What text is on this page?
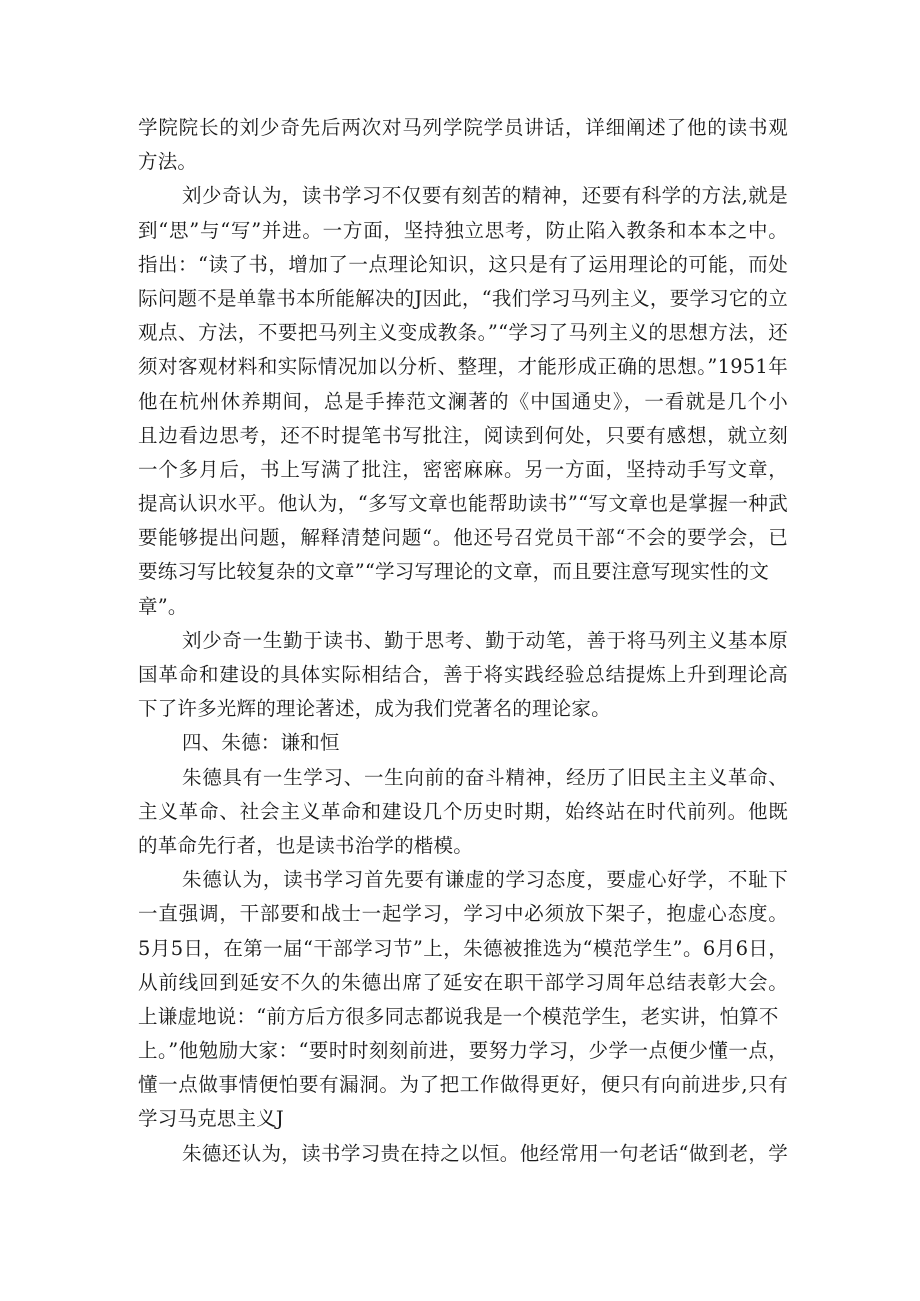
学院院长的刘少奇先后两次对马列学院学员讲话，详细阐述了他的读书观
方法。
刘少奇认为，读书学习不仅要有刻苦的精神，还要有科学的方法,就是
到“思”与“写”并进。一方面，坚持独立思考，防止陷入教条和本本之中。
指出：“读了书，增加了一点理论知识，这只是有了运用理论的可能，而处
际问题不是单靠书本所能解决的J因此，“我们学习马列主义，要学习它的立
观点、方法，不要把马列主义变成教条。”“学习了马列主义的思想方法，还
须对客观材料和实际情况加以分析、整理，才能形成正确的思想。”1951年
他在杭州休养期间，总是手捧范文澜著的《中国通史》，一看就是几个小
且边看边思考，还不时提笔书写批注，阅读到何处，只要有感想，就立刻
一个多月后，书上写满了批注，密密麻麻。另一方面，坚持动手写文章，
提高认识水平。他认为，“多写文章也能帮助读书”“写文章也是掌握一种武
要能够提出问题，解释清楚问题“。他还号召党员干部“不会的要学会，已
要练习写比较复杂的文章”“学习写理论的文章，而且要注意写现实性的文
章”。
刘少奇一生勤于读书、勤于思考、勤于动笔，善于将马列主义基本原
国革命和建设的具体实际相结合，善于将实践经验总结提炼上升到理论高
下了许多光辉的理论著述，成为我们党著名的理论家。
四、朱德：谦和恒
朱德具有一生学习、一生向前的奋斗精神，经历了旧民主主义革命、
主义革命、社会主义革命和建设几个历史时期，始终站在时代前列。他既
的革命先行者，也是读书治学的楷模。
朱德认为，读书学习首先要有谦虚的学习态度，要虚心好学，不耻下
一直强调，干部要和战士一起学习，学习中必须放下架子，抱虚心态度。
5月5日，在第一届“干部学习节”上，朱德被推选为“模范学生”。6月6日，
从前线回到延安不久的朱德出席了延安在职干部学习周年总结表彰大会。
上谦虚地说：“前方后方很多同志都说我是一个模范学生，老实讲，怕算不
上。”他勉励大家：“要时时刻刻前进，要努力学习，少学一点便少懂一点，
懂一点做事情便怕要有漏洞。为了把工作做得更好，便只有向前进步,只有
学习马克思主义J
朱德还认为，读书学习贵在持之以恒。他经常用一句老话“做到老，学
